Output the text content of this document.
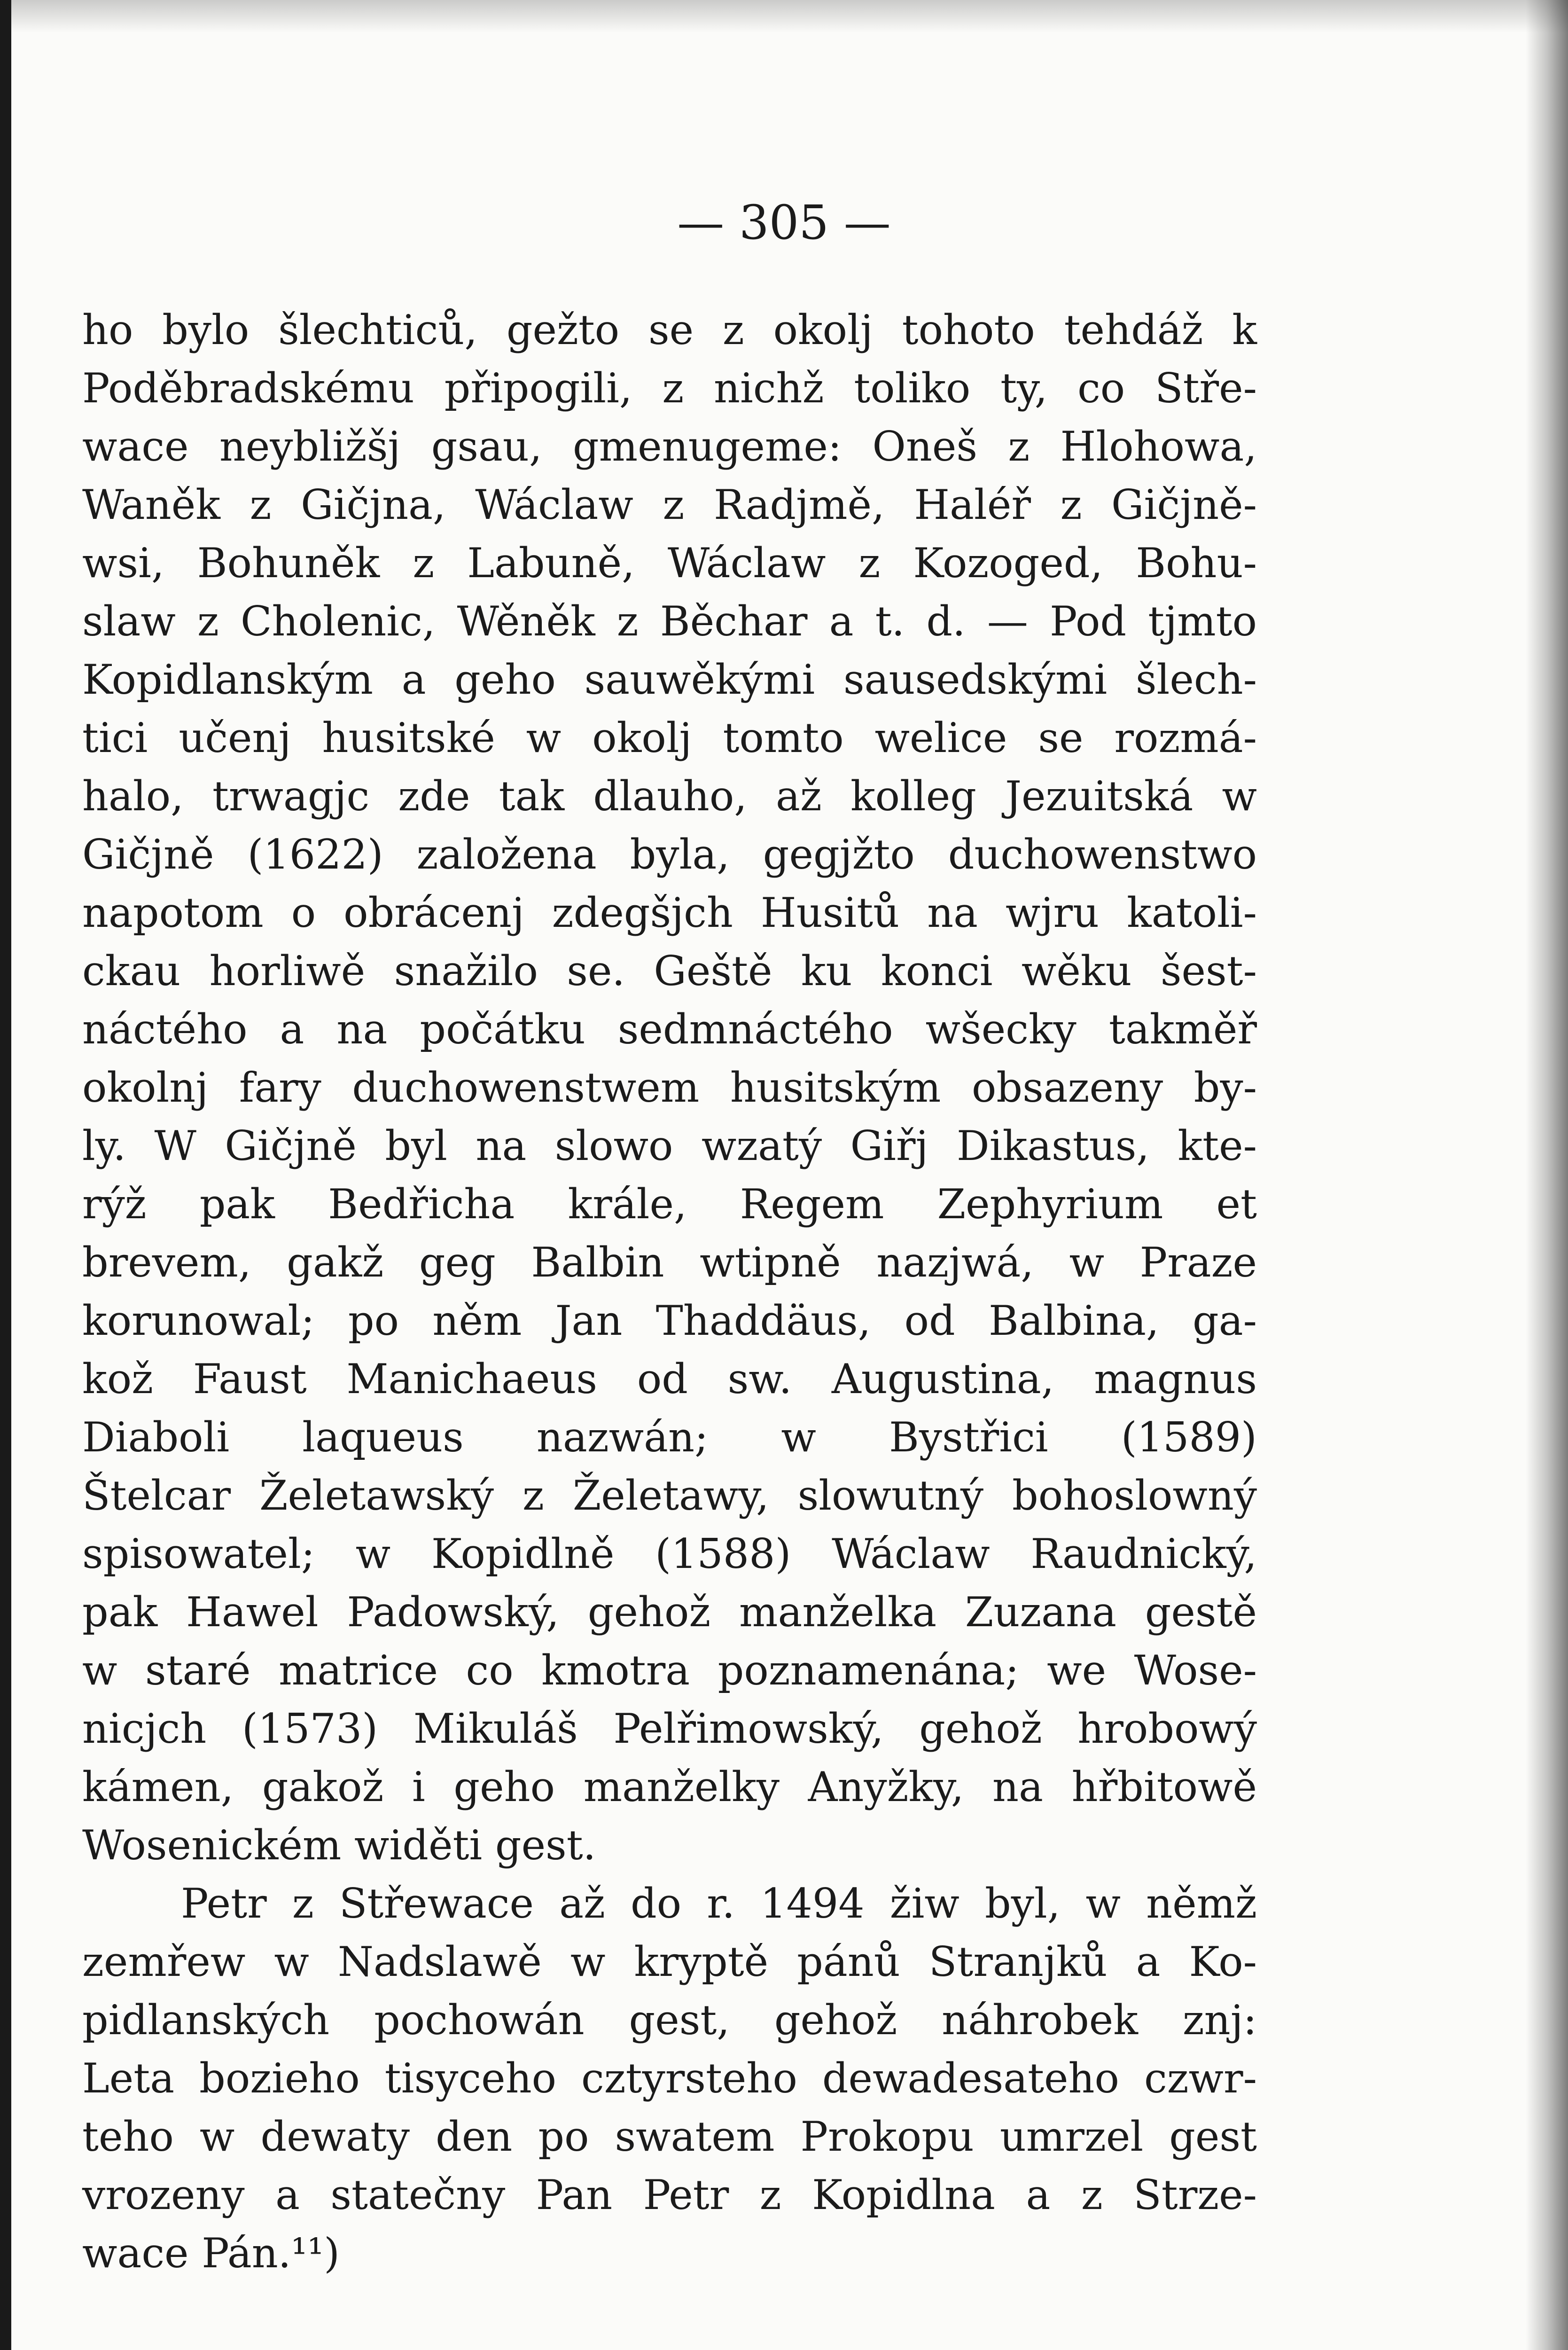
— 305 —
ho bylo šlechticů, gežto se z okolj tohoto tehdáž k
Poděbradskému připogili, z nichž toliko ty, co Stře-
wace neybližšj gsau, gmenugeme: Oneš z Hlohowa,
Waněk z Gičjna, Wáclaw z Radjmě, Haléř z Gičjně-
wsi, Bohuněk z Labuně, Wáclaw z Kozoged, Bohu-
slaw z Cholenic, Wěněk z Běchar a t. d. — Pod tjmto
Kopidlanským a geho sauwěkými sausedskými šlech-
tici učenj husitské w okolj tomto welice se rozmá-
halo, trwagjc zde tak dlauho, až kolleg Jezuitská w
Gičjně (1622) založena byla, gegjžto duchowenstwo
napotom o obrácenj zdegšjch Husitů na wjru katoli-
ckau horliwě snažilo se. Geště ku konci wěku šest-
náctého a na počátku sedmnáctého wšecky takměř
okolnj fary duchowenstwem husitským obsazeny by-
ly. W Gičjně byl na slowo wzatý Giřj Dikastus, kte-
rýž pak Bedřicha krále, Regem Zephyrium et
brevem, gakž geg Balbin wtipně nazjwá, w Praze
korunowal; po něm Jan Thaddäus, od Balbina, ga-
kož Faust Manichaeus od sw. Augustina, magnus
Diaboli laqueus nazwán; w Bystřici (1589)
Štelcar Želetawský z Želetawy, slowutný bohoslowný
spisowatel; w Kopidlně (1588) Wáclaw Raudnický,
pak Hawel Padowský, gehož manželka Zuzana gestě
w staré matrice co kmotra poznamenána; we Wose-
nicjch (1573) Mikuláš Pelřimowský, gehož hrobowý
kámen, gakož i geho manželky Anyžky, na hřbitowě
Wosenickém widěti gest.
Petr z Střewace až do r. 1494 žiw byl, w němž
zemřew w Nadslawě w kryptě pánů Stranjků a Ko-
pidlanských pochowán gest, gehož náhrobek znj:
Leta bozieho tisyceho cztyrsteho dewadesateho czwr-
teho w dewaty den po swatem Prokopu umrzel gest
vrozeny a statečny Pan Petr z Kopidlna a z Strze-
wace Pán.¹¹)
